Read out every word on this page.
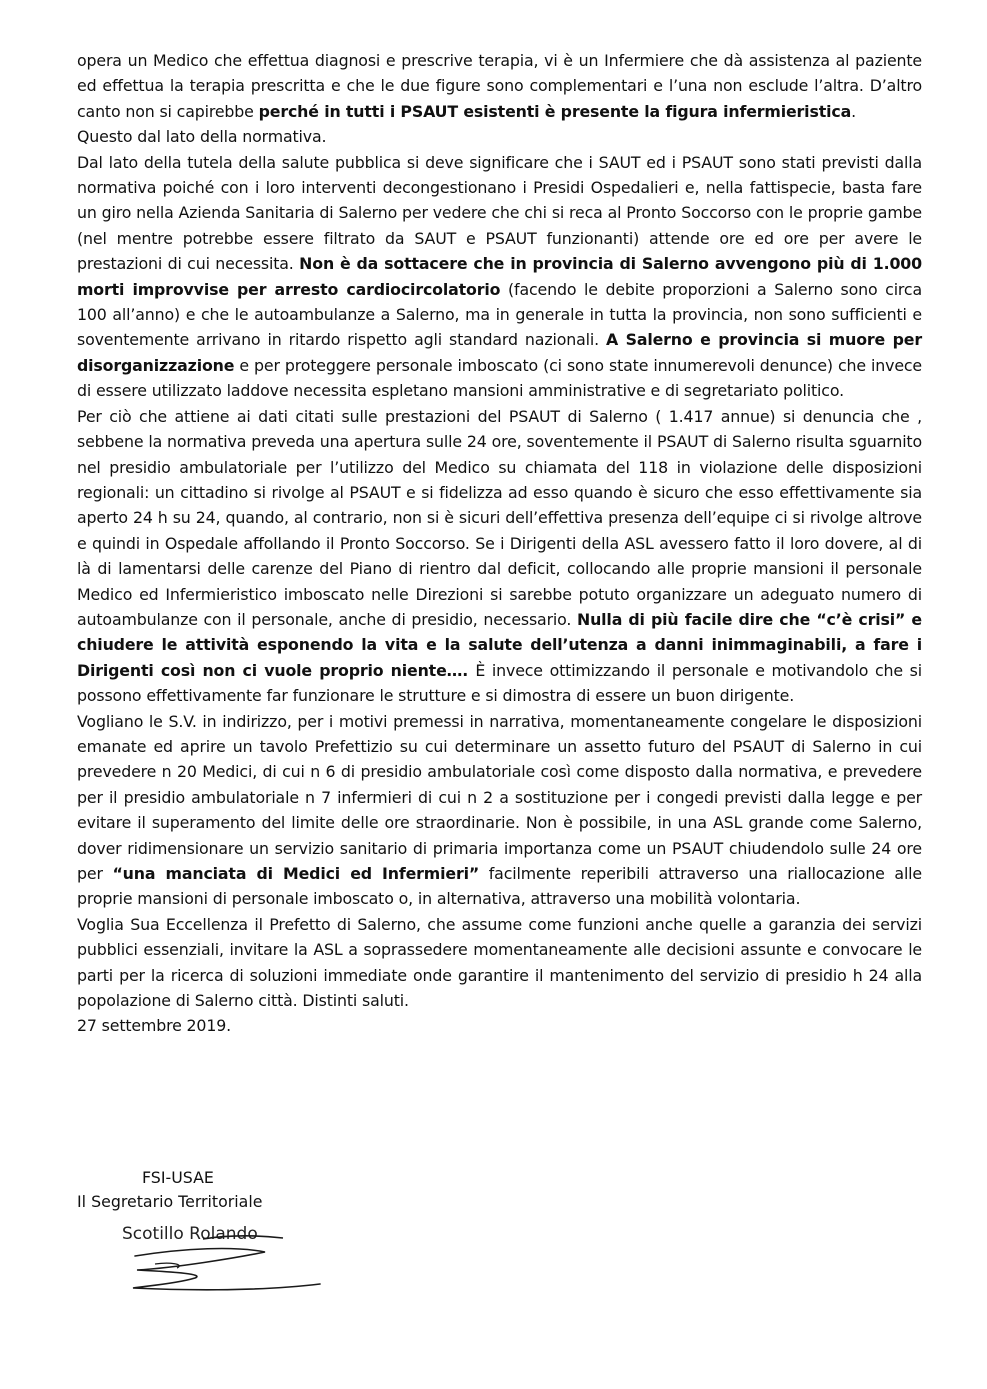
opera un Medico che effettua diagnosi e prescrive terapia, vi è un Infermiere che dà assistenza al paziente ed effettua la terapia prescritta e che le due figure sono complementari e l’una non esclude l’altra. D’altro canto non si capirebbe perché in tutti i PSAUT esistenti è presente la figura infermieristica.

Questo dal lato della normativa.

Dal lato della tutela della salute pubblica si deve significare che i SAUT ed i PSAUT sono stati previsti dalla normativa poiché con i loro interventi decongestionano i Presidi Ospedalieri e, nella fattispecie, basta fare un giro nella Azienda Sanitaria di Salerno per vedere che chi si reca al Pronto Soccorso con le proprie gambe (nel mentre potrebbe essere filtrato da SAUT e PSAUT funzionanti) attende ore ed ore per avere le prestazioni di cui necessita. Non è da sottacere che in provincia di Salerno avvengono più di 1.000 morti improvvise per arresto cardiocircolatorio (facendo le debite proporzioni a Salerno sono circa 100 all’anno) e che le autoambulanze a Salerno, ma in generale in tutta la provincia, non sono sufficienti e soventemente arrivano in ritardo rispetto agli standard nazionali. A Salerno e provincia si muore per disorganizzazione e per proteggere personale imboscato (ci sono state innumerevoli denunce) che invece di essere utilizzato laddove necessita espletano mansioni amministrative e di segretariato politico.

Per ciò che attiene ai dati citati sulle prestazioni del PSAUT di Salerno ( 1.417 annue) si denuncia che , sebbene la normativa preveda una apertura sulle 24 ore, soventemente il PSAUT di Salerno risulta sguarnito nel presidio ambulatoriale per l’utilizzo del Medico su chiamata del 118 in violazione delle disposizioni regionali: un cittadino si rivolge al PSAUT e si fidelizza ad esso quando è sicuro che esso effettivamente sia aperto 24 h su 24, quando, al contrario, non si è sicuri dell’effettiva presenza dell’equipe ci si rivolge altrove e quindi in Ospedale affollando il Pronto Soccorso. Se i Dirigenti della ASL avessero fatto il loro dovere, al di là di lamentarsi delle carenze del Piano di rientro dal deficit, collocando alle proprie mansioni il personale Medico ed Infermieristico imboscato nelle Direzioni si sarebbe potuto organizzare un adeguato numero di autoambulanze con il personale, anche di presidio, necessario. Nulla di più facile dire che “c’è crisi” e chiudere le attività esponendo la vita e la salute dell’utenza a danni inimmaginabili, a fare i Dirigenti così non ci vuole proprio niente…. È invece ottimizzando il personale e motivandolo che si possono effettivamente far funzionare le strutture e si dimostra di essere un buon dirigente.

Vogliano le S.V. in indirizzo, per i motivi premessi in narrativa, momentaneamente congelare le disposizioni emanate ed aprire un tavolo Prefettizio su cui determinare un assetto futuro del PSAUT di Salerno in cui prevedere n 20 Medici, di cui n 6 di presidio ambulatoriale così come disposto dalla normativa, e prevedere per il presidio ambulatoriale n 7 infermieri di cui n 2 a sostituzione per i congedi previsti dalla legge e per evitare il superamento del limite delle ore straordinarie. Non è possibile, in una ASL grande come Salerno, dover ridimensionare un servizio sanitario di primaria importanza come un PSAUT chiudendolo sulle 24 ore per “una manciata di Medici ed Infermieri” facilmente reperibili attraverso una riallocazione alle proprie mansioni di personale imboscato o, in alternativa, attraverso una mobilità volontaria.

Voglia Sua Eccellenza il Prefetto di Salerno, che assume come funzioni anche quelle a garanzia dei servizi pubblici essenziali, invitare la ASL a soprassedere momentaneamente alle decisioni assunte e convocare le parti per la ricerca di soluzioni immediate onde garantire il mantenimento del servizio di presidio h 24 alla popolazione di Salerno città. Distinti saluti.

27 settembre 2019.

FSI-USAE
Il Segretario Territoriale
Scotillo Rolando
